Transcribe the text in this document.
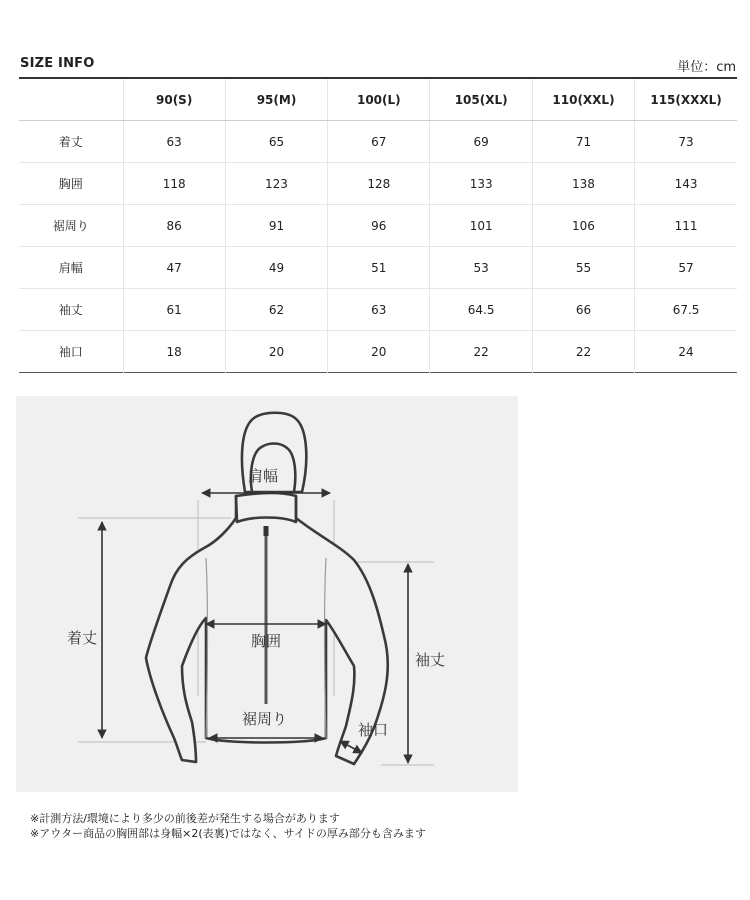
SIZE INFO	単位：cm
	90(S)	95(M)	100(L)	105(XL)	110(XXL)	115(XXXL)
着丈	63	65	67	69	71	73
胸囲	118	123	128	133	138	143
裾周り	86	91	96	101	106	111
肩幅	47	49	51	53	55	57
袖丈	61	62	63	64.5	66	67.5
袖口	18	20	20	22	22	24
肩幅
着丈	胸囲
裾周り
袖丈
袖口
※計測方法/環境により多少の前後差が発生する場合があります
※アウター商品の胸囲部は身幅×2(表裏)ではなく、サイドの厚み部分も含みます
